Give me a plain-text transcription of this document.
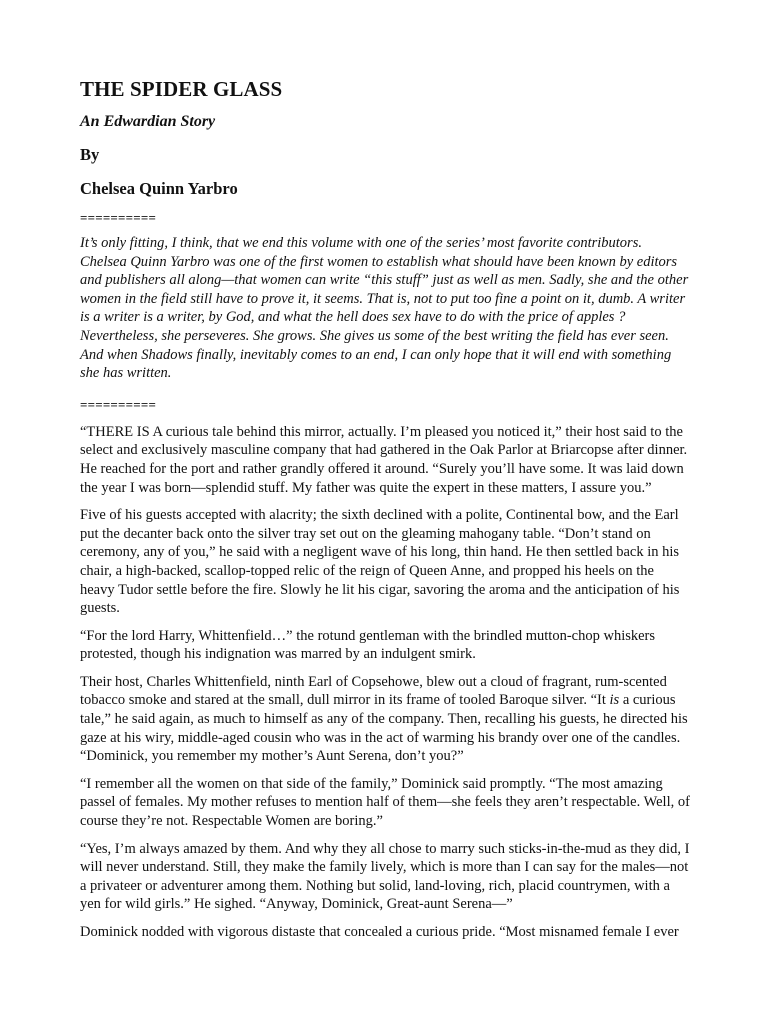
THE SPIDER GLASS
An Edwardian Story
By
Chelsea Quinn Yarbro
==========

It’s only fitting, I think, that we end this volume with one of the series’ most favorite contributors. Chelsea Quinn Yarbro was one of the first women to establish what should have been known by editors and publishers all along—that women can write “this stuff” just as well as men. Sadly, she and the other women in the field still have to prove it, it seems. That is, not to put too fine a point on it, dumb. A writer is a writer is a writer, by God, and what the hell does sex have to do with the price of apples ? Nevertheless, she perseveres. She grows. She gives us some of the best writing the field has ever seen. And when Shadows finally, inevitably comes to an end, I can only hope that it will end with something she has written.

==========

“THERE IS A curious tale behind this mirror, actually. I’m pleased you noticed it,” their host said to the select and exclusively masculine company that had gathered in the Oak Parlor at Briarcopse after dinner. He reached for the port and rather grandly offered it around. “Surely you’ll have some. It was laid down the year I was born—splendid stuff. My father was quite the expert in these matters, I assure you.”

Five of his guests accepted with alacrity; the sixth declined with a polite, Continental bow, and the Earl put the decanter back onto the silver tray set out on the gleaming mahogany table. “Don’t stand on ceremony, any of you,” he said with a negligent wave of his long, thin hand. He then settled back in his chair, a high-backed, scallop-topped relic of the reign of Queen Anne, and propped his heels on the heavy Tudor settle before the fire. Slowly he lit his cigar, savoring the aroma and the anticipation of his guests.

“For the lord Harry, Whittenfield…” the rotund gentleman with the brindled mutton-chop whiskers protested, though his indignation was marred by an indulgent smirk.

Their host, Charles Whittenfield, ninth Earl of Copsehowe, blew out a cloud of fragrant, rum-scented tobacco smoke and stared at the small, dull mirror in its frame of tooled Baroque silver. “It is a curious tale,” he said again, as much to himself as any of the company. Then, recalling his guests, he directed his gaze at his wiry, middle-aged cousin who was in the act of warming his brandy over one of the candles. “Dominick, you remember my mother’s Aunt Serena, don’t you?”

“I remember all the women on that side of the family,” Dominick said promptly. “The most amazing passel of females. My mother refuses to mention half of them—she feels they aren’t respectable. Well, of course they’re not. Respectable Women are boring.”

“Yes, I’m always amazed by them. And why they all chose to marry such sticks-in-the-mud as they did, I will never understand. Still, they make the family lively, which is more than I can say for the males—not a privateer or adventurer among them. Nothing but solid, land-loving, rich, placid countrymen, with a yen for wild girls.” He sighed. “Anyway, Dominick, Great-aunt Serena—”

Dominick nodded with vigorous distaste that concealed a curious pride. “Most misnamed female I ever
